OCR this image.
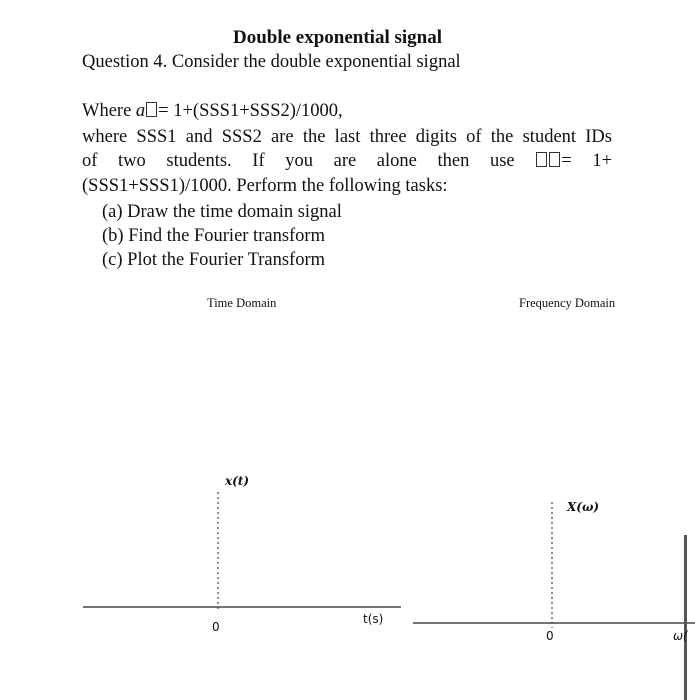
Double exponential signal
Question 4. Consider the double exponential signal
Where a = 1+(SSS1+SSS2)/1000,
where SSS1 and SSS2 are the last three digits of the student IDs
of two students. If you are alone then use	= 1+
(SSS1+SSS1)/1000. Perform the following tasks:
(a) Draw the time domain signal
(b) Find the Fourier transform
(c) Plot the Fourier Transform
Time Domain	Frequency Domain
x(t)
t(s)
0
X(ω)
0	ω(
